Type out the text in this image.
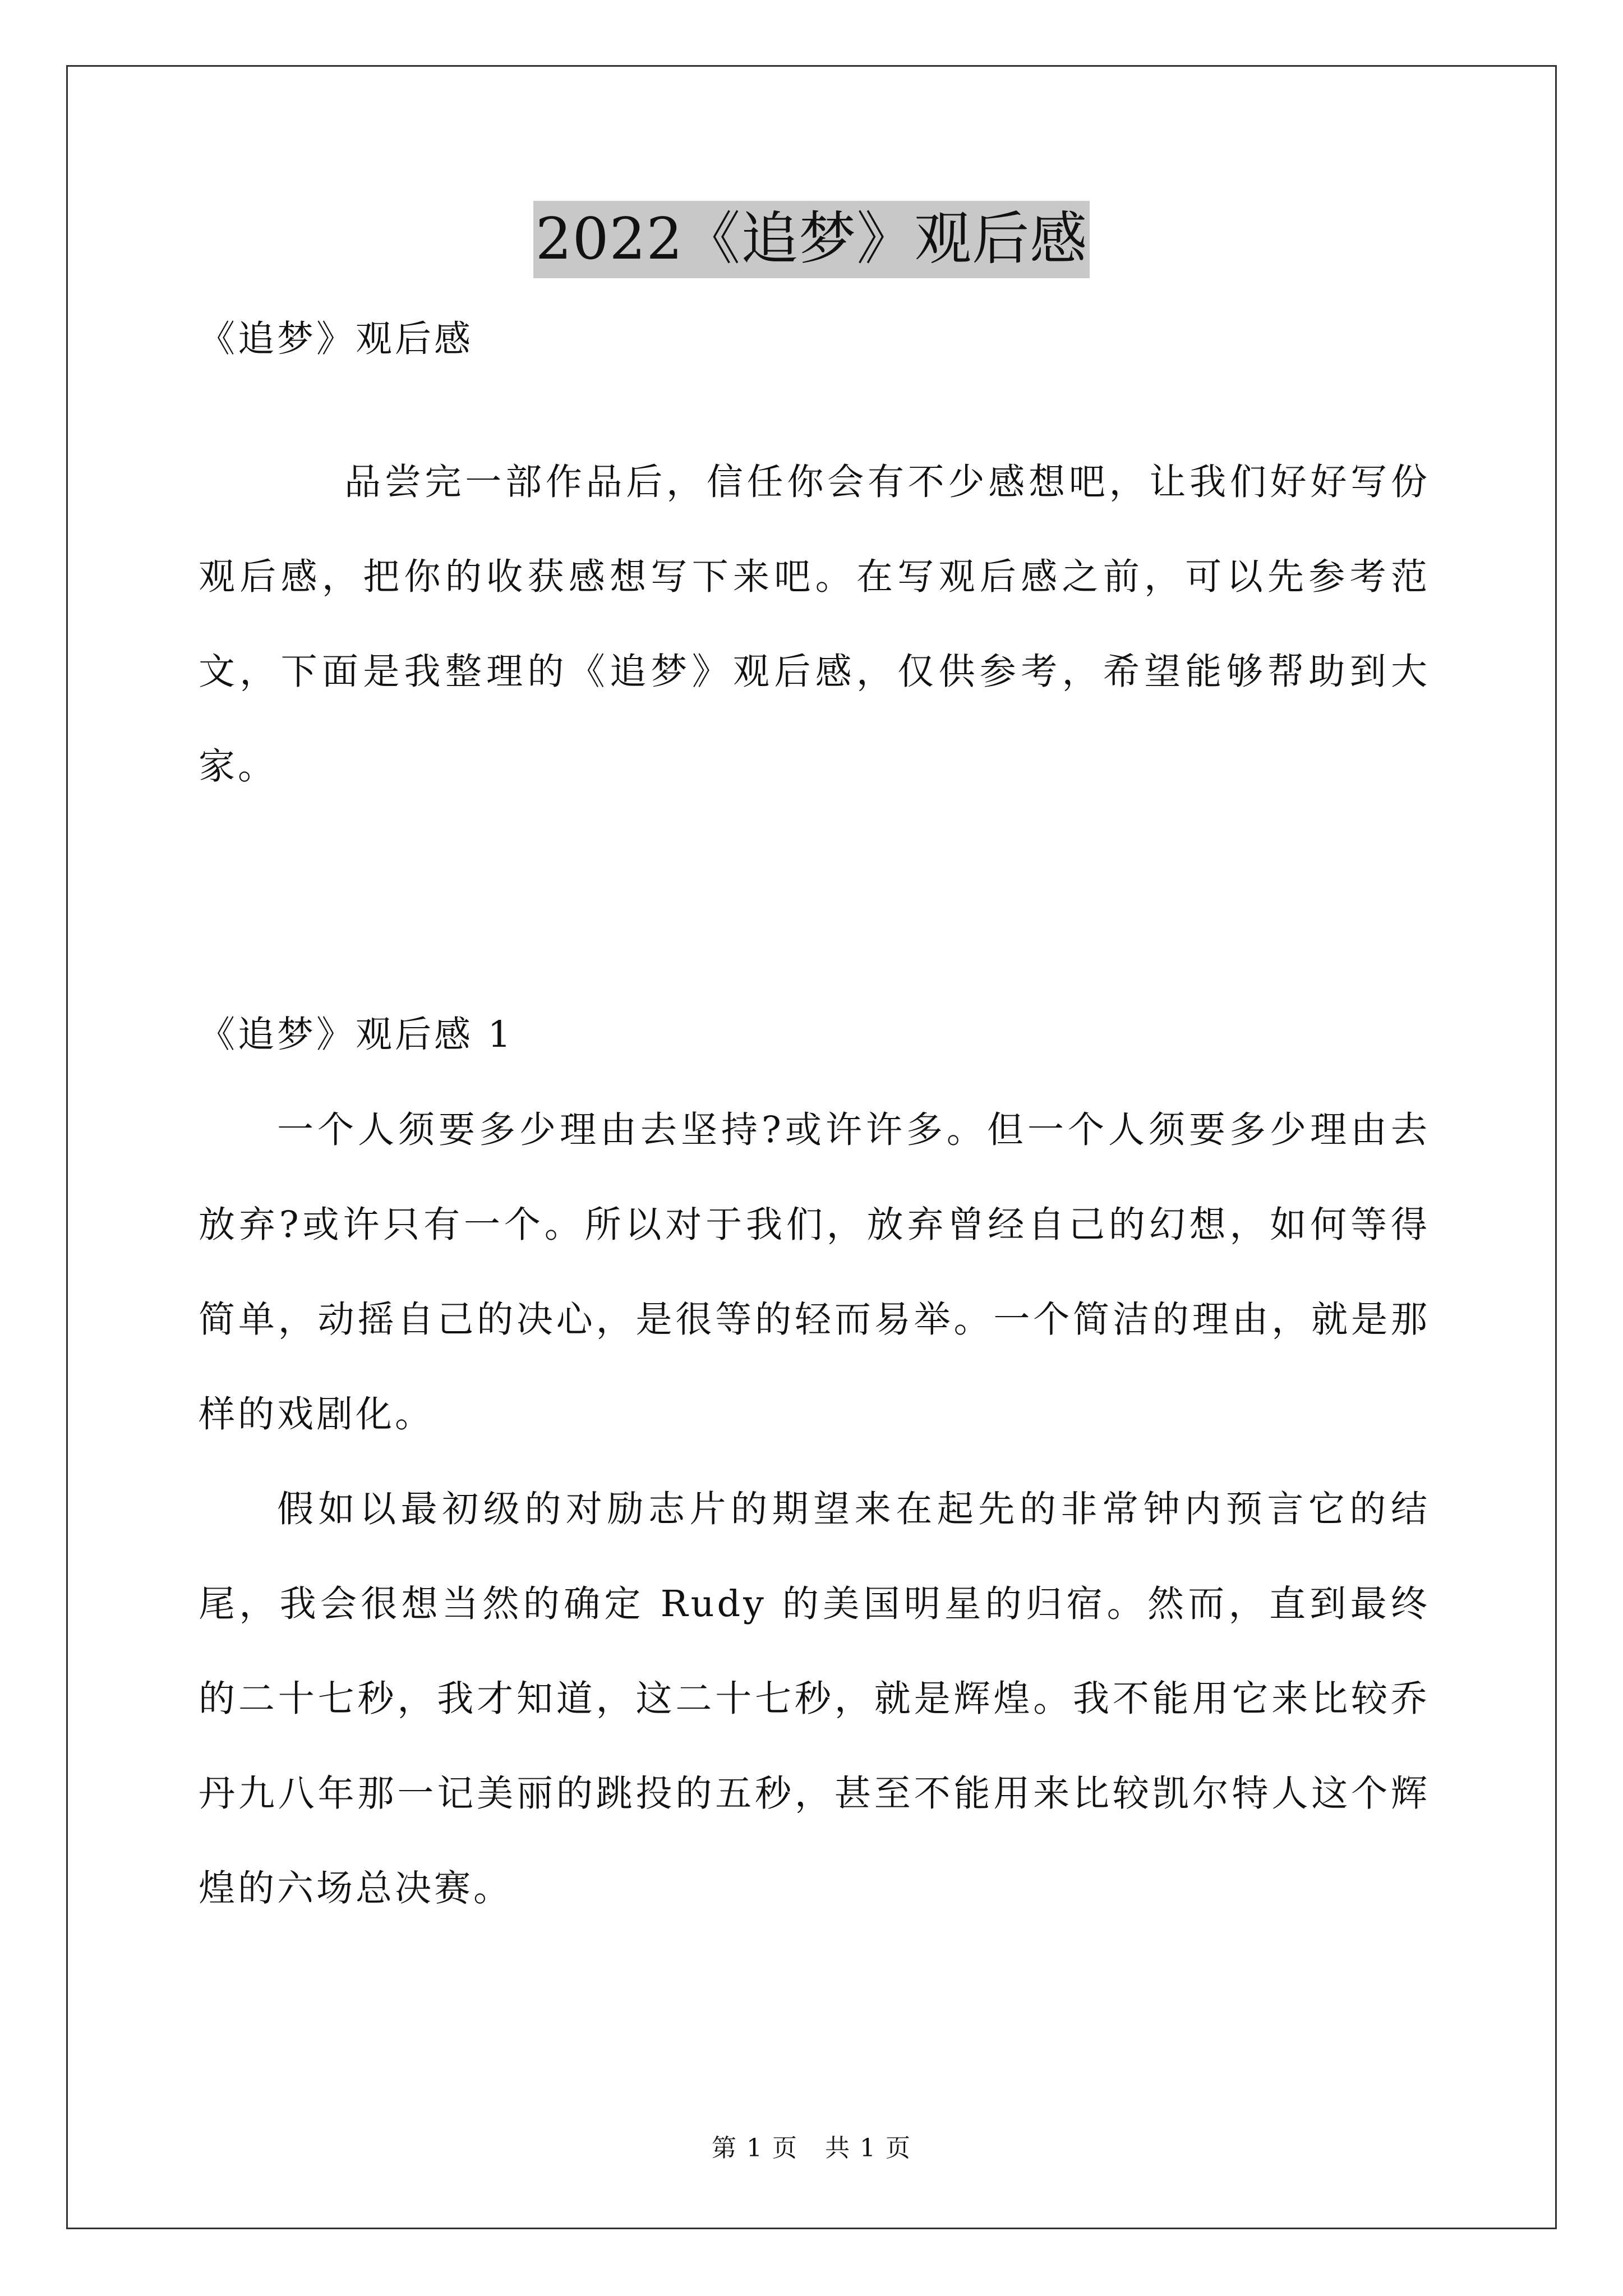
2022《追梦》观后感
《追梦》观后感

品尝完一部作品后，信任你会有不少感想吧，让我们好好写份观后感，把你的收获感想写下来吧。在写观后感之前，可以先参考范文，下面是我整理的《追梦》观后感，仅供参考，希望能够帮助到大家。

《追梦》观后感 1

一个人须要多少理由去坚持?或许许多。但一个人须要多少理由去放弃?或许只有一个。所以对于我们，放弃曾经自己的幻想，如何等得简单，动摇自己的决心，是很等的轻而易举。一个简洁的理由，就是那样的戏剧化。

假如以最初级的对励志片的期望来在起先的非常钟内预言它的结尾，我会很想当然的确定 Rudy 的美国明星的归宿。然而，直到最终的二十七秒，我才知道，这二十七秒，就是辉煌。我不能用它来比较乔丹九八年那一记美丽的跳投的五秒，甚至不能用来比较凯尔特人这个辉煌的六场总决赛。

第 1 页   共 1 页
